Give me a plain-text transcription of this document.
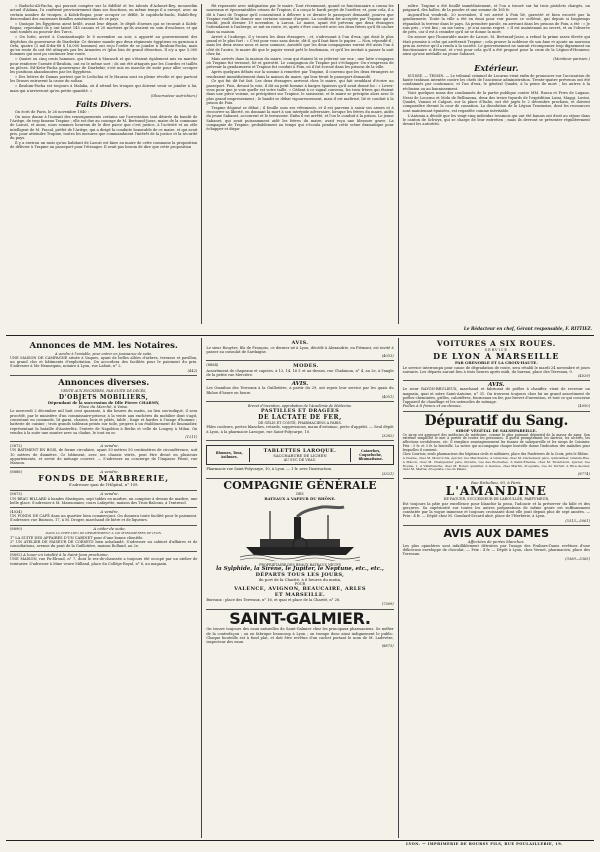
« Radschi-Ali-Pacha, qui pouvait compter sur la fidélité et les talents d'Achmet-Bey, mousselim actuel d'Adana, l'a confirmé provisoirement dans ses fonctions, en même temps il a envoyé, avec un certain nombre de troupes, à Kolek-Bogaz, pour occuper ce défilé, le capidschi-bachi, Habib-Bey, descendant des anciennes familles arméniennes de ce pays.

« Quoique les Égyptiens aient brûlé, avant leur départ, le dépôt d'armes qui se trouvait à Kolek-Bogaz, cependant ils y ont laissé 145 canons et 20 mortiers qu'ils avaient en soin d'enclouer, et qui sont tombés au pouvoir des Turcs.

« On lutte, arrivé à Constantinople le 8 novembre au soir, a apporté au gouvernement des dépêches du gouverneur de Diarbekir. Ce dernier mande que deux régiments égyptiens en garnison à Orfa, quatre (2 mil-4-dix-88 $ 16,000 hommes) ont reçu l'ordre de se joindre à Ibrahim-Pacha, mais qu'en route ils ont été attaqués par les Arnautes et (plus loin de grand déssetion. Il n'y a que 5,000 hommes qui sont pu continuer leur route.

« Quatre ou cinq cents hommes, qui étaient à Marasch et qui s'étaient également mis en marche pour renforcer l'armée d'Ibrahim, ont eu le même sort ; ils ont été attaqués par les Courdes et taillés en pièces. Ed-Ketir-Pacha gouverneur de Diarbekir, s'est mis en marche de suite pour aller occuper les positions abandonnées par les Égyptiens.

« Des lettres de Damas portent que le Ledschia et le Hauran sont en pleine révolte et que partout les Druses entravent la cause du sultan.

« Ibrahim-Pacha est toujours à Malaka, où il attend les troupes qui doivent venir se joindre à lui, mais qui n'arriveront qu'en petite quantité. »

(Observateur autrichien.)
Faits Divers.

On écrit de Paris, le 26 novembre 1840 :

On nous donne à l'instant des renseignements certains sur l'arrestation tant désirée du bandit de l'Ariège, de trop fameux Trapine ; elle est due au courage de M. Bertrand-Josse, maire de la commune de Larcat, et aussi, nous sommes heureux de le dire parce que c'est justice, à l'activité et au zèle intelligent de M. Pascal, préfet de l'Ariège, qui a dirigé la conduite honorable de ce maire, et qui avait pris, pour atteindre Trapine, toutes les mesures que commandaient l'intérêt de la justice et la sécurité du pays.

Il y a environ un mois qu'un habitant de Larcat est faire au maire de cette commune la proposition de délivrer à Trapine un passeport pour l'étranger. Il avait pas besoin de dire que cette proposition

fût repoussée avec indignation par le maire. Tout récemment, quand ce fonctionnaire a connu les nouveaux et épouvantables crimes de Trapine, il a conçu le hardi projet de l'arrêter, et, pour cela, il a dit à l'ami de Trapine qu'il consentirait à délivrer à ce dernier le passeport demandé, pourvu que Trapine voulût lui donner une certaine somme d'argent. La condition fut acceptée par Trapine qui se rendit, jeudi dernier 19 novembre, à Larcat. Le maire, ayant été prévenu que deux étrangers l'attendaient à l'auberge, se mit en route, et, après s'être concerté avec ses deux frères qu'il fit cacher dans sa maison.

Arrivé à l'auberge, il y trouva les deux étrangers ; et, s'adressant à l'un d'eux, qui était le plus grand et le plus fort : « C'est pour vous sans doute, dit-il, qu'il faut faire le papier. — Non, répondit-il ; mais les deux avons nous et nous sommes. Aussitôt que les deux compagnons eurent été assis l'un à côté de l'autre, le maire dit que le papier serait prêt le lendemain, et qu'il les invitait à passer la nuit chez lui.

Mais arrivés dans la maison du maire, ceux qui étaient là se jetèrent sur eux ; une lutte s'engagea où Trapine fut terrassé, lié et garrotté. Le compagnon de Trapine put s'échapper. On s'empressa de prévenir la gendarmerie et Trapine fut conduit à Foix, où il fut écroué dans les prisons de la ville.

Après quelques débats sur la somme à remettre par Trapine, il convenu que les deux étrangers se rendraient immédiatement dans la maison du maire, qui leur ferait le passeport demandé.

Ce qui fut dit fut fait. Les deux étrangers arrivent chez le maire, qui fait semblant d'écrire un passeport. Puis, devant la voie, il dit au petit homme à barges épaisses qu'il avait donné lui : « Levez-vous pour que je voie quelle est votre taille. » Cédant à ce signal convenu, les trois frères qui étaient dans une pièce voisine, se précipitent sur Trapine, le saisissent, et le maire se précipite alors avec le plus grand empressement ; le bandit se débat vigoureusement, mais il est maîtrisé, lié et conduit à la prison de Foix.

Trapine déguisé se débat ; il fouille sous ses vêtements, et il est parvenu à saisir ses armes et à recouvrer sa liberté, en donnant la mort à son intrépide adversaire, lorsque les frères du maire, aidés du jeune Sabanet, accourent et le terrassent. Enfin il est arrêté, et l'on le conduit à la prison. Le jeune Sabanet, qui avait puissamment aidé les frères du maire, avait reçu une blessure grave. La compagnie de Trapine, probablement au temps qui s'écoula pendant cette scène dramatique pour échapper et dispa-

raître. Trapine a été fouillé immédiatement, et l'on a trouvé sur lui trois pistolets chargés, un poignard, des balles, de la poudre et une somme de 165 fr.

Aujourd'hui vendredi, 20 novembre, il est arrivé à Foix lié, garrotté et bien escorté par la gendarmerie. Toute la ville a été en émoi pour voir passer ce scélérat, qui depuis si longtemps répandait la terreur dans le pays. Sa première parole, en arrivant dans les prisons de Foix, a été : « Je suis pris ; c'est fini ; on me tuera ; je n'ai aucun regret. » Il est maintenant au secret, et on l'observe de près, car il est à craindre qu'il ne se donne la mort.

On assure que l'honorable maire de Larcat, M. Bertrand-Josse, a refusé la prime assez élevée qui était promise à celui qui arrêterait Trapine ; cela prouve la noblesse de son âme et ajoute un nouveau prix au service qu'il a rendu à la société. Le gouvernement ne saurait récompenser trop dignement un fonctionnaire si dévoué, et c'est pour cela qu'il a été proposé pour la croix de la Légion-d'Honneur, ainsi qu'une médaille au jeune Sabanet.

(Moniteur parisien.)
Extérieur.

SUISSE. — TESSIN. — Le tribunal criminel de Locarno vient enfin de prononcer sur l'accusation de haute trahison intentée contre les chefs de l'ancienne administration. Trente-quatre prévenus ont été condamnés par contumace, et l'un d'eux, le général Quadri, à la peine de mort ; les autres à la réclusion ou au bannissement.

Voici quelques noms des condamnés de la partie publique contre MM. Rusca et Fries de Lugano, Nessi de Locarno et Mola de Bellinzona, deux des treize fuyards de l'expédition Luini, Maggi, Luvini, Quadri, Vanoni et Calgari, sur la place d'Italie, ont été jugés le 2 décembre prochain, et doivent comparaître devant la cour de cassation. La dissolution de la Légion Tessinoise, dont les ressources sont maintenant épuisées, est regardée comme inévitable.

L'Antonia a décidé que les vingt-cinq individus tessinois qui ont été bannis ont droit au séjour dans le canton de Schwyz, qui se charge de leur entretien ; mais ils devront se présenter régulièrement devant les autorités.

Le Rédacteur en chef, Gérant responsable, F. RITTIEZ.
Annonces de MM. les Notaires.
A vendre à l'amiable, pour entrer en jouissance de suite.
UNE MAISON DE CAMPAGNE située à Vaques, ayant de belles allées d'arbres, terrasse et pavillon, un grand clos et bâtiments d'exploitation. On accordera des facilités pour le paiement du prix. S'adresser à Me Hennequin, notaire à Lyon, rue Lafont, n° 2.
(442)
Annonces diverses.
VENTE AUX ENCHÈRES, PAR SUITE DE DÉCÈS,
D'OBJETS MOBILIERS,
Dépendant de la succession de Dlle Pierre CHARMY,
Place du Marché, à Vaise.
Le mercredi 2 décembre mil huit cent quarante, à dix heures du matin, au lieu sus-indiqué, il sera procédé, par le ministère d'un commissaire-priseur, à la vente aux enchères du mobilier dont s'agit, consistant en commode, lit garni, chaises, bois et pâtés, table ; linge et hardes à l'usage d'homme ; batterie de cuisine ; trois grands tableaux peints sur toile, propres à un établissement de limonadier, représentant la bataille d'Austerlitz, l'entrée de Napoléon à Berlin et celle de Longwy à Milan. On vendra à la suite une montre avec sa chaîne, le tout en or.
(1211)
(3872)	A vendre.
UN BATIMENT EN BOIS, de forme circulaire, ayant 30 mètres 50 centimètres de circonférence, soit 10 mètres de diamètre. Ce bâtiment, avec ses chassis vitrés, peut être divisé en plusieurs appartements, et servir de ménage couvert. — S'adresser au concierge de l'Impasse Pitrat, rue Masson.
(8886)	A vendre.
FONDS DE MARBRERIE,
S'adresser quai de l'Hôpital, n° 109.
(8873)	A vendre.
UN BEAU BILLARD à bandes élastiques, sept tables en marbre, un comptoir à dessus de marbre, une belle glace. S'adresser à M. Maissonnier, cours Lafayette, maison des Trois-Balcons, à l'entresol.
(4034)	A vendre.
UN FONDS DE CAFÉ dans un quartier bien commerçant. On donnera toute facilité pour le paiement. S'adresser, rue Buisson, 17, à M. Droger, marchand de bière et de liqueurs.
(8890)	A céder de suite,
DANS LA CHEF-LIEU DE DÉPARTEMENT, A 100 MYRIAMÈTRES DE LYON.
1° LA SUITE DES AFFAIRES D'UN CABINET pour d'une bonne clientèle.
2° UN ATELIER DE FAISEUR DE CORSETS bien achalandé. S'adresser au cabinet d'affaires et de consultations, avenue du pont de la Guillotière, maison Rolland, au 2e.
(8892) A louer en totalité à la Saint-Jean prochaine.
UNE MAISON, rue Fa-Elrouil, n° 7, dont le rez-de-chaussée a toujours été occupé par un atelier de teinturier. S'adresser à Mme veuve Milland, place du Collège-Royal, n° 6, au magasin.
AVIS.
Le sieur Rouyère, fils de François, ce dernier né à Lyon, décédé à Alexandrie, en Piémont, est invité à passer au consulat de Sardaigne.
(4053)
(8884)	MODES.
Assortiment de chapeaux et capotes, à 12, 14, 16 f. et au-dessus, rue Chalamon, n° 4, au 2e, à l'angle de la petite rue Mercière.
AVIS.
Les Omnibus des Terreaux à la Guillotière, à partir du 29, ont repris leur service par les quais du Rhône d'heure en heure.
(4051)
Brevet d'invention, approbation de l'Académie de Médecine.
PASTILLES ET DRAGÉES
DE LACTATE DE FER,
DE GÉLIS ET CONTÉ, PHARMACIENS A PARIS.
Pâles couleurs, pertes blanches, retards, suppressions, maux d'estomac, perte d'appétit. — Seul dépôt à Lyon, à la pharmacie Laroque, rue Saint-Polycarpe, 10.
(3282)
Rhumes, Toux, Asthmes.
TABLETTES LAROQUE.
SACCHARURE DE LICHEN
AU SUC DE VEAU.
Catarrhes, Coqueluche, Rhumatisme.
Pharmacie rue Saint-Polycarpe, 10, à Lyon. — 1 fr. avec l'instruction.
(3321)
COMPAGNIE GÉNÉRALE
DES
BATEAUX A VAPEUR DU RHÔNE.
PROPRIÉTAIRE DES BEAUX BATEAUX NEUFS
la Sylphide, la Sirène, le Jupiter, le Neptune, etc., etc.,
DÉPARTS TOUS LES JOURS,
du port de la Charité, à 6 heures du matin,
POUR
VALENCE, AVIGNON, BEAUCAIRE, ARLES
ET MARSEILLE.
Bureaux : place des Terreaux, n° 16, et quai et place de la Charité, n° 28.
(7369)
SAINT-GALMIER.
On trouve toujours des eaux naturelles de Saint-Galmier chez les principaux pharmaciens. Se méfier de la contrefaçon ; on en fabrique beaucoup à Lyon ; on trompe donc ainsi indignement le public. Chaque bouteille est à fond plat, et doit être revêtue d'un cachet portant le nom de M. Ladevèze, inspecteur des eaux.
(8875)
VOITURES A SIX ROUES.
SERVICE
DE LYON A MARSEILLE
PAR GRENOBLE ET LA CROIX-HAUTE.
Le service interrompu pour cause de dégradation de route, sera rétabli le mardi 24 novembre et jours suivants. Les départs auront lieu à trois heures après midi, du bureau, place des Terreaux, 9.
(4029)
AVIS.
Le sieur RAYON-BRULIEUX, marchand et fabricant de poêles à chauffer, vient de recevoir un magasin, quai et mère Saint-Antoine, n° 31. On trouvera toujours chez lui un grand assortiment de poêles-cheminées, grilles, calorifères, fourneaux en fer, par brevet d'invention, et tout ce qui concerne l'appareil de chauffage et les ustensiles de ménage.
Poêles à 8 francs et au-dessus.	(4050)
Dépuratif du Sang.
SIROP VÉGÉTAL DE SALSEPAREILLE.
Ce sirop est approuvé des médecins de médecine, comme le plus puissant dépuratif de la masse du sang. Son extrême simplicité le met à portée de toutes les personnes. Il guérit promptement les dartres, les ulcères, les affections scrofuleuses, etc. Il remplace avantageusement les tisanes de salsepareille et les sirops de Cuisinier. Prix : 5 fr. et 3 fr. la bouteille. La notice qui accompagne chaque bouteille donne l'indication des maladies pour lesquelles il convient.
Chez Courtois, seuls pharmaciens des hôpitaux civils et militaires, place des Fondrieres de la Croix, près le Rhône.
A Vienne, chez M. Monrol fils, épicier, rue Marchande. A Grenoble, chez M. Déchenaux père, quincaillier, Grande-Rue. A Mâcon, chez M. Champenier père, libraire, rue des Bocheries. A Saint-Etienne, chez M. Mondoloni, épicier, rue Royale, 1. A Villefranche, chez M. Bonet, quaillier. A Genève, chez Martin, droguiste, rue du Terrail. A Rive-de-Gier, chez M. Martel, droguiste, rue du Palais.
(8774)
Rue Richelieu, 93, à Paris.
L'AMANDINE
DE FAGUER, SUCCESSEUR DE LABOULLÉE, PARFUMEUR,
Est toujours la pâte par excellence pour blanchir la peau, l'adoucir et la préserver du hâle et des gerçures. Sa supériorité sur toutes les autres préparations de même genre est suffisamment constatée par la vogue immense et toujours croissante dont elle jouit depuis plus de sept années. — Prix : 4 fr. — Dépôt chez M. Gondard-Secard aîné, place de l'Herberie, à Lyon.
(5313—5061)
AVIS AUX DAMES
Affectées de pertes blanches.
Les plus opiniâtres sont infailliblement détruites par l'usage des Pralines-Danis revêtues d'une délicieuse enveloppe de chocolat. — Prix : 4 fr. — Dépôt à Lyon, chez Vernet, pharmacien, place des Terreaux.
(3369—5365)
LYON. — IMPRIMERIE DE BOURSY FILS, RUE POULAILLERIE, 19.
